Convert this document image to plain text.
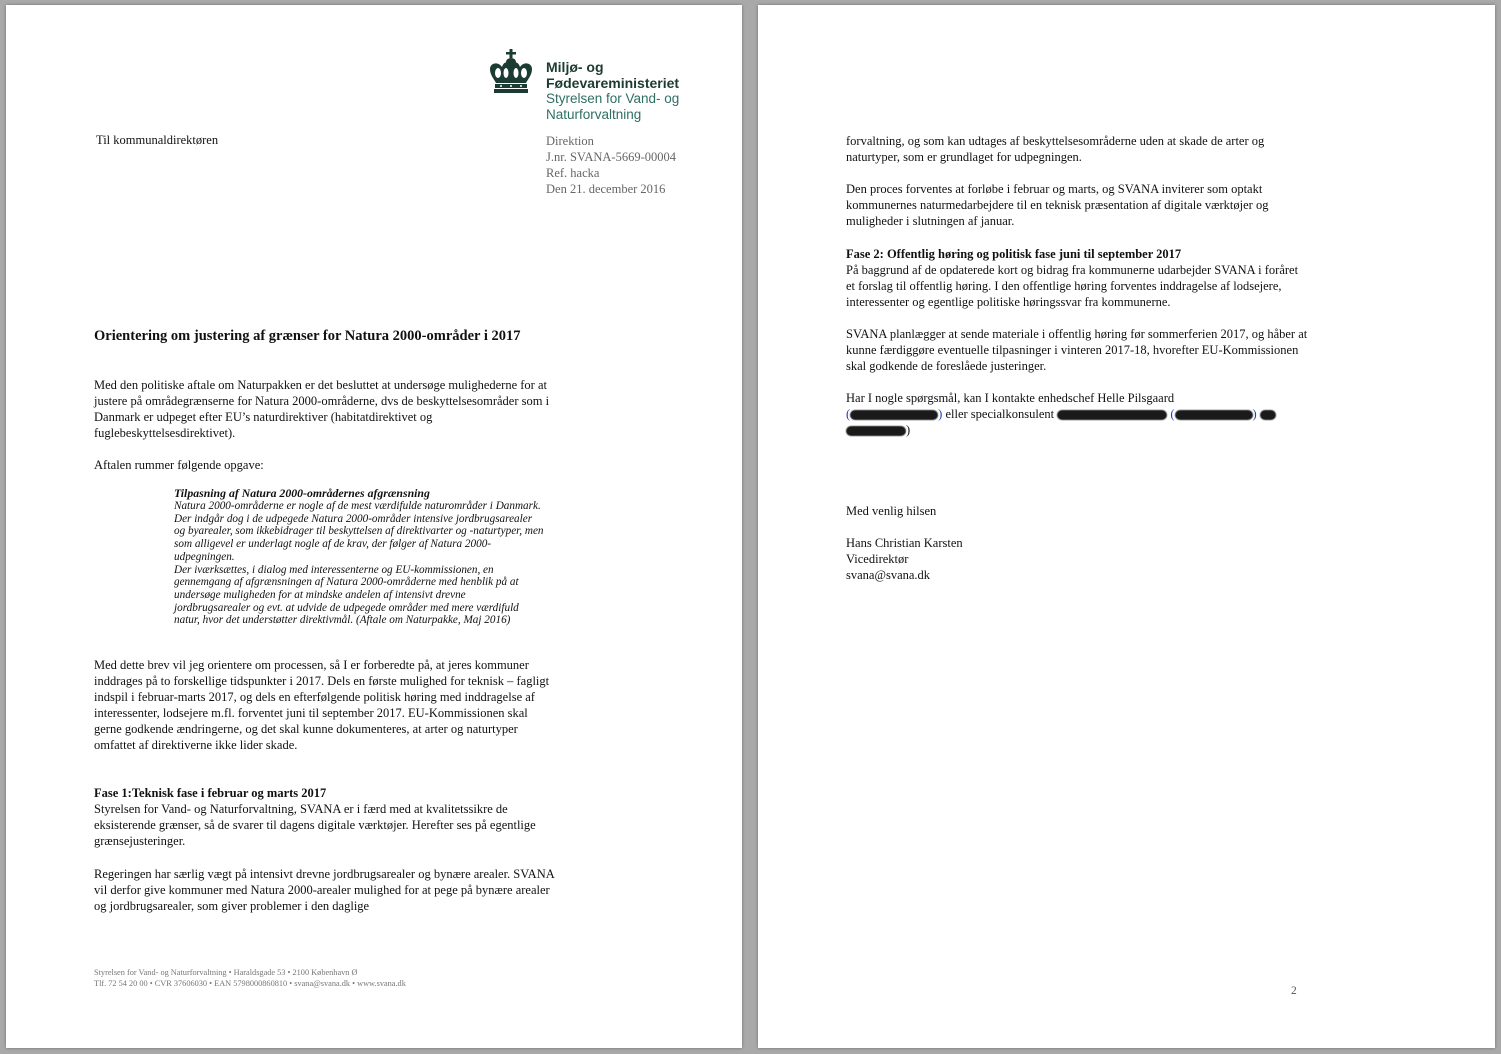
Miljø- og
Fødevareministeriet
Styrelsen for Vand- og
Naturforvaltning
Til kommunaldirektøren	Direktion
J.nr. SVANA-5669-00004
Ref. hacka
Den 21. december 2016
Orientering om justering af grænser for Natura 2000-områder i 2017
Med den politiske aftale om Naturpakken er det besluttet at undersøge mulighederne for at justere på områdegrænserne for Natura 2000-områderne, dvs de beskyttelsesområder som i Danmark er udpeget efter EU’s naturdirektiver (habitatdirektivet og fuglebeskyttelsesdirektivet).
Aftalen rummer følgende opgave:
Tilpasning af Natura 2000-områdernes afgrænsning
Natura 2000-områderne er nogle af de mest værdifulde naturområder i Danmark. Der indgår dog i de udpegede Natura 2000-områder intensive jordbrugsarealer og byarealer, som ikkebidrager til beskyttelsen af direktivarter og -naturtyper, men som alligevel er underlagt nogle af de krav, der følger af Natura 2000-udpegningen.
Der iværksættes, i dialog med interessenterne og EU-kommissionen, en gennemgang af afgrænsningen af Natura 2000-områderne med henblik på at undersøge muligheden for at mindske andelen af intensivt drevne jordbrugsarealer og evt. at udvide de udpegede områder med mere værdifuld natur, hvor det understøtter direktivmål. (Aftale om Naturpakke, Maj 2016)
Med dette brev vil jeg orientere om processen, så I er forberedte på, at jeres kommuner inddrages på to forskellige tidspunkter i 2017. Dels en første mulighed for teknisk – fagligt indspil i februar-marts 2017, og dels en efterfølgende politisk høring med inddragelse af interessenter, lodsejere m.fl. forventet juni til september 2017. EU-Kommissionen skal gerne godkende ændringerne, og det skal kunne dokumenteres, at arter og naturtyper omfattet af direktiverne ikke lider skade.
Fase 1:Teknisk fase i februar og marts 2017
Styrelsen for Vand- og Naturforvaltning, SVANA er i færd med at kvalitetssikre de eksisterende grænser, så de svarer til dagens digitale værktøjer. Herefter ses på egentlige grænsejusteringer.
Regeringen har særlig vægt på intensivt drevne jordbrugsarealer og bynære arealer. SVANA vil derfor give kommuner med Natura 2000-arealer mulighed for at pege på bynære arealer og jordbrugsarealer, som giver problemer i den daglige
Styrelsen for Vand- og Naturforvaltning • Haraldsgade 53 • 2100 København Ø
Tlf. 72 54 20 00 • CVR 37606030 • EAN 5798000860810 • svana@svana.dk • www.svana.dk
forvaltning, og som kan udtages af beskyttelsesområderne uden at skade de arter og naturtyper, som er grundlaget for udpegningen.
Den proces forventes at forløbe i februar og marts, og SVANA inviterer som optakt kommunernes naturmedarbejdere til en teknisk præsentation af digitale værktøjer og muligheder i slutningen af januar.
Fase 2: Offentlig høring og politisk fase juni til september 2017
På baggrund af de opdaterede kort og bidrag fra kommunerne udarbejder SVANA i foråret et forslag til offentlig høring. I den offentlige høring forventes inddragelse af lodsejere, interessenter og egentlige politiske høringssvar fra kommunerne.
SVANA planlægger at sende materiale i offentlig høring før sommerferien 2017, og håber at kunne færdiggøre eventuelle tilpasninger i vinteren 2017-18, hvorefter EU-Kommissionen skal godkende de foreslåede justeringer.
Har I nogle spørgsmål, kan I kontakte enhedschef Helle Pilsgaard
(	) eller specialkonsulent	(	)
)
Med venlig hilsen
Hans Christian Karsten
Vicedirektør
svana@svana.dk
2
